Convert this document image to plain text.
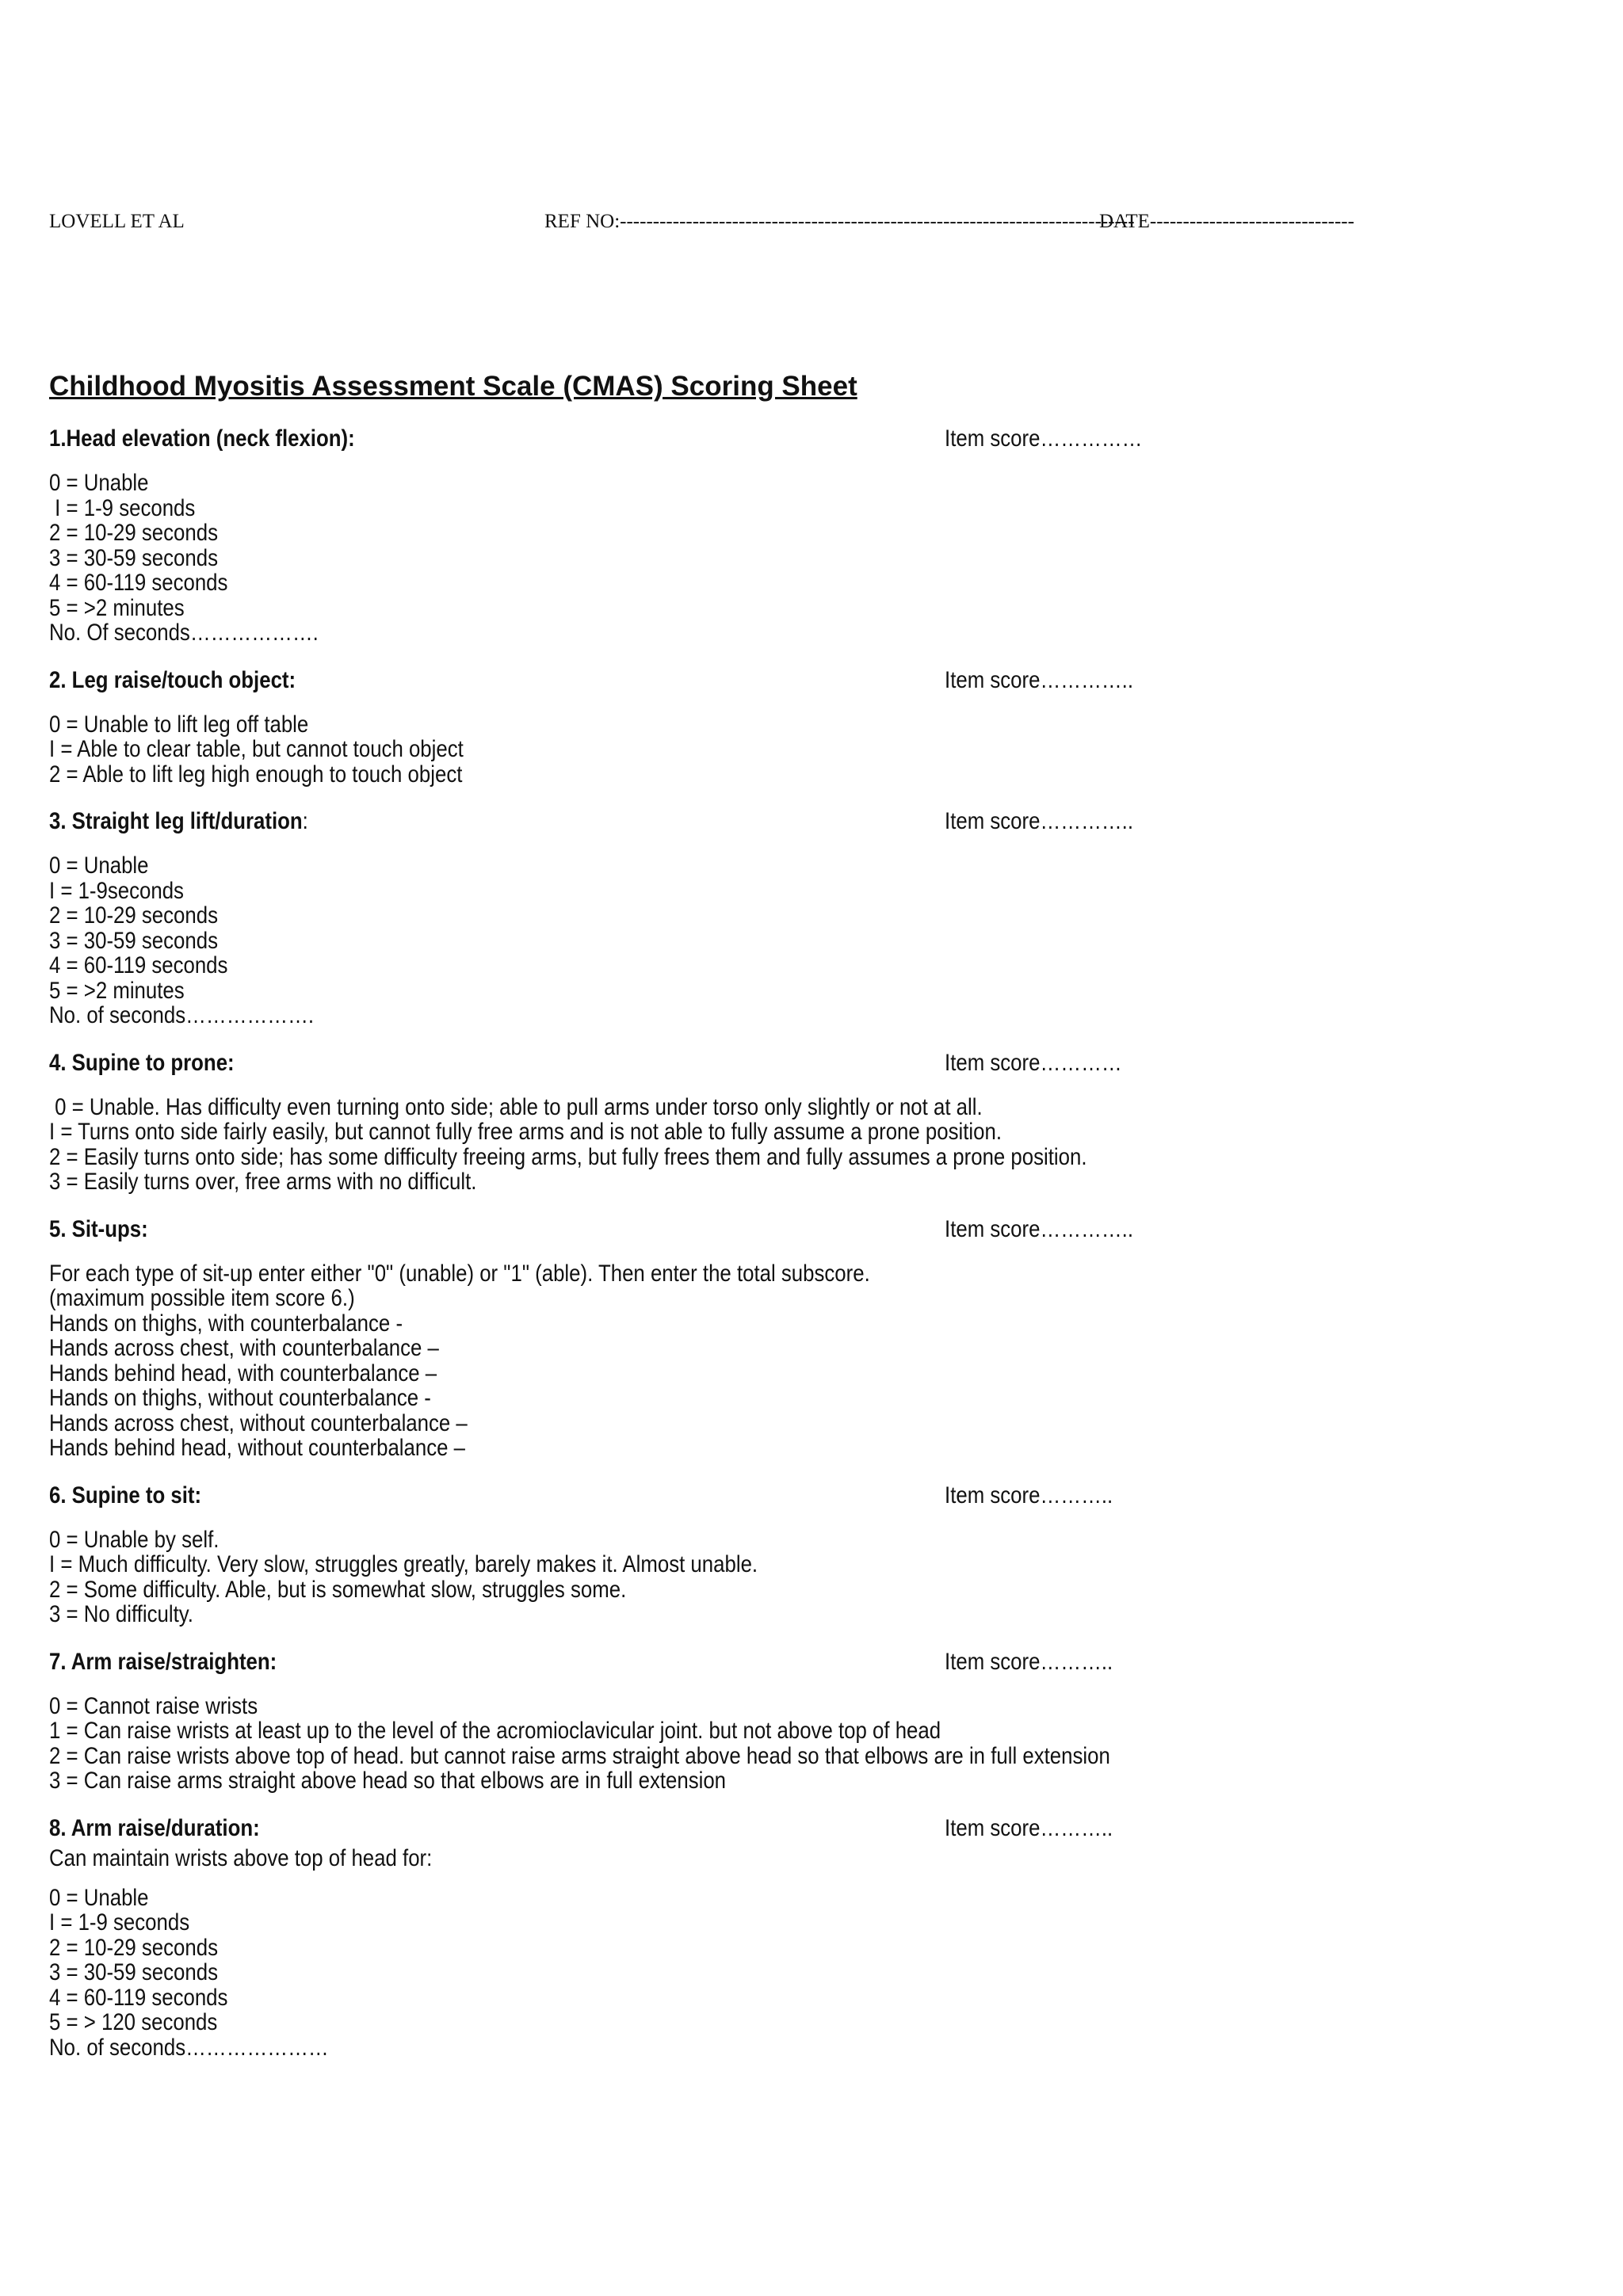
LOVELL ET AL	REF NO:------------------------------------------------------------------------------
DATE-------------------------------
Childhood Myositis Assessment Scale (CMAS) Scoring Sheet
1.Head elevation (neck flexion):	Item score……………
0 = Unable
I = 1-9 seconds
2 = 10-29 seconds
3 = 30-59 seconds
4 = 60-119 seconds
5 = >2 minutes
No. Of seconds……………….
2. Leg raise/touch object:	Item score…………..
0 = Unable to lift leg off table
I = Able to clear table, but cannot touch object
2 = Able to lift leg high enough to touch object
3. Straight leg lift/duration:	Item score…………..
0 = Unable
I = 1-9seconds
2 = 10-29 seconds
3 = 30-59 seconds
4 = 60-119 seconds
5 = >2 minutes
No. of seconds……………….
4. Supine to prone:	Item score…………
0 = Unable. Has difficulty even turning onto side; able to pull arms under torso only slightly or not at all.
I = Turns onto side fairly easily, but cannot fully free arms and is not able to fully assume a prone position.
2 = Easily turns onto side; has some difficulty freeing arms, but fully frees them and fully assumes a prone position.
3 = Easily turns over, free arms with no difficult.
5. Sit-ups:	Item score…………..
For each type of sit-up enter either "0" (unable) or "1" (able). Then enter the total subscore.
(maximum possible item score 6.)
Hands on thighs, with counterbalance -
Hands across chest, with counterbalance –
Hands behind head, with counterbalance –
Hands on thighs, without counterbalance -
Hands across chest, without counterbalance –
Hands behind head, without counterbalance –
6. Supine to sit:	Item score………..
0 = Unable by self.
I = Much difficulty. Very slow, struggles greatly, barely makes it. Almost unable.
2 = Some difficulty. Able, but is somewhat slow, struggles some.
3 = No difficulty.
7. Arm raise/straighten:	Item score………..
0 = Cannot raise wrists
1 = Can raise wrists at least up to the level of the acromioclavicular joint. but not above top of head
2 = Can raise wrists above top of head. but cannot raise arms straight above head so that elbows are in full extension
3 = Can raise arms straight above head so that elbows are in full extension
8. Arm raise/duration:	Item score………..
Can maintain wrists above top of head for:
0 = Unable
I = 1-9 seconds
2 = 10-29 seconds
3 = 30-59 seconds
4 = 60-119 seconds
5 = > 120 seconds
No. of seconds…………………
